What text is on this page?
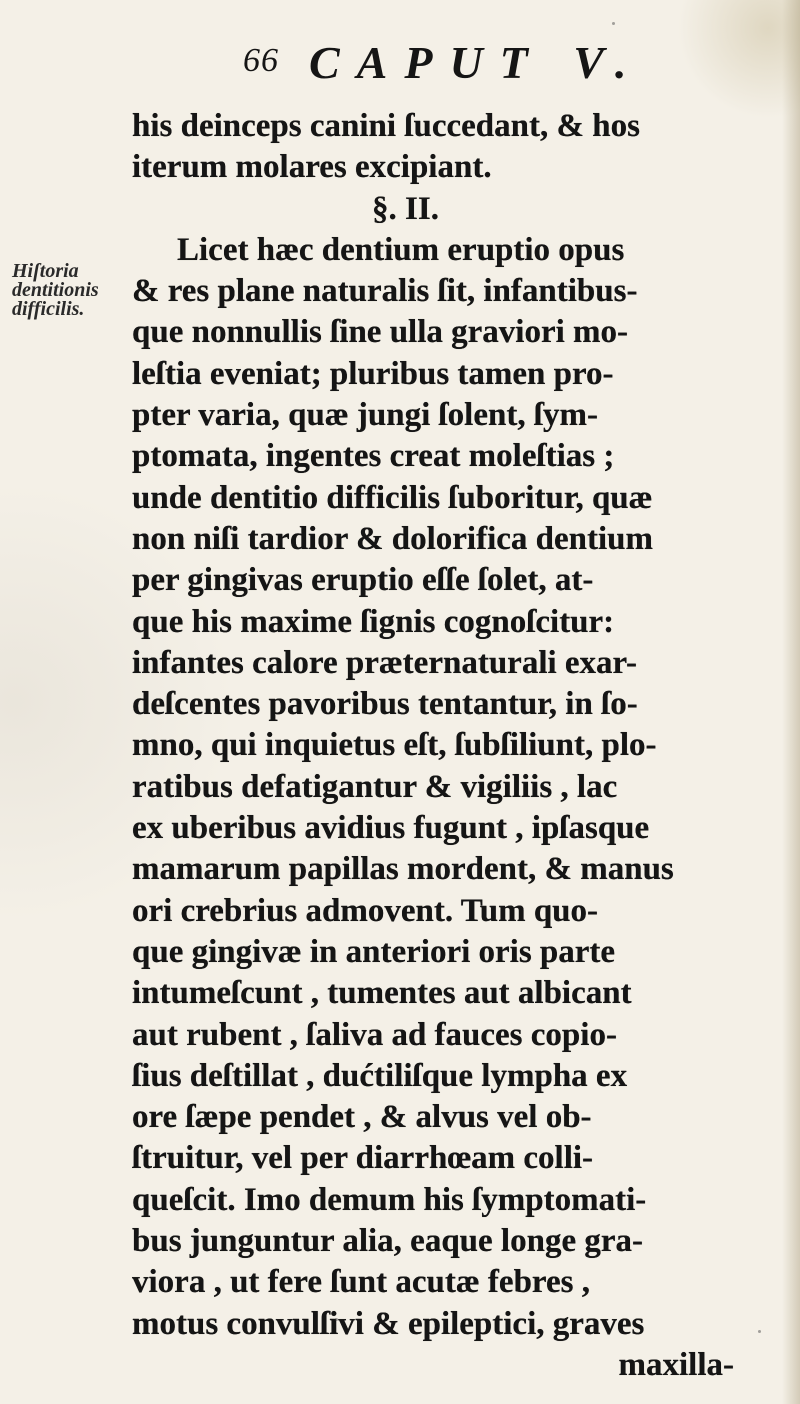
66 CAPUT V.
Hiſtoria
dentitionis
difficilis.
his deinceps canini ſuccedant, & hos
iterum molares excipiant.
§. II.
Licet hæc dentium eruptio opus
& res plane naturalis ſit, infantibus-
que nonnullis ſine ulla graviori mo-
leſtia eveniat; pluribus tamen pro-
pter varia, quæ jungi ſolent, ſym-
ptomata, ingentes creat moleſtias ;
unde dentitio difficilis ſuboritur, quæ
non niſi tardior & dolorifica dentium
per gingivas eruptio eſſe ſolet, at-
que his maxime ſignis cognoſcitur:
infantes calore præternaturali exar-
deſcentes pavoribus tentantur, in ſo-
mno, qui inquietus eſt, ſubſiliunt, plo-
ratibus defatigantur & vigiliis , lac
ex uberibus avidius fugunt , ipſasque
mamarum papillas mordent, & manus
ori crebrius admovent. Tum quo-
que gingivæ in anteriori oris parte
intumeſcunt , tumentes aut albicant
aut rubent , ſaliva ad fauces copio-
ſius deſtillat , dućtiliſque lympha ex
ore ſæpe pendet , & alvus vel ob-
ſtruitur, vel per diarrhœam colli-
queſcit. Imo demum his ſymptomati-
bus junguntur alia, eaque longe gra-
viora , ut fere ſunt acutæ febres ,
motus convulſivi & epileptici, graves
maxilla-
